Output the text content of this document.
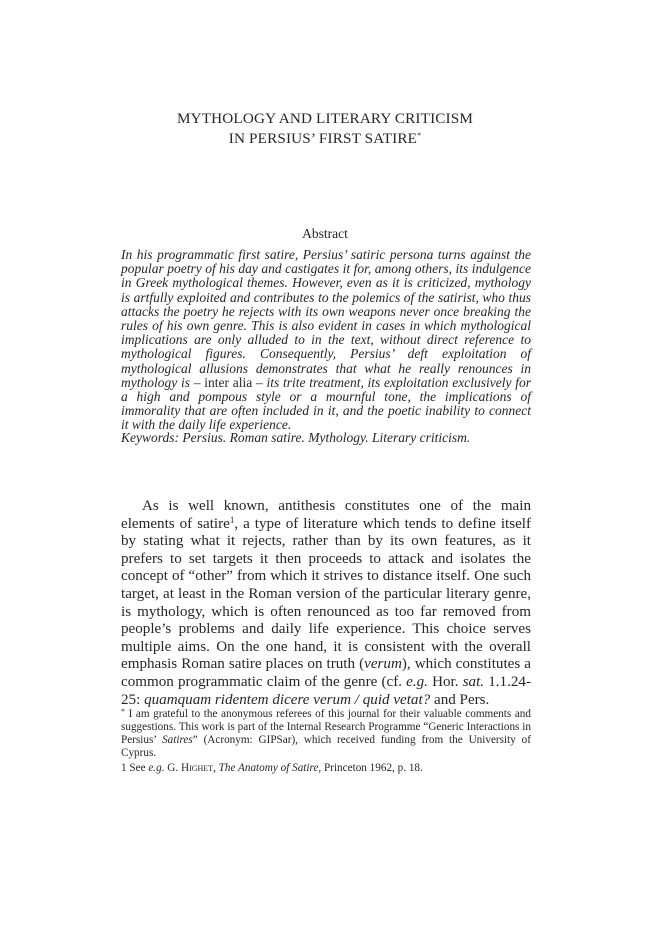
MYTHOLOGY AND LITERARY CRITICISM
IN PERSIUS’ FIRST SATIRE*
Abstract

In his programmatic first satire, Persius’ satiric persona turns against the popular poetry of his day and castigates it for, among others, its indulgence in Greek mythological themes. However, even as it is criticized, mythology is artfully exploited and contributes to the polemics of the satirist, who thus attacks the poetry he rejects with its own weapons never once breaking the rules of his own genre. This is also evident in cases in which mythological implications are only alluded to in the text, without direct reference to mythological figures. Consequently, Persius’ deft exploitation of mythological allusions demonstrates that what he really renounces in mythology is – inter alia – its trite treatment, its exploitation exclusively for a high and pompous style or a mournful tone, the implications of immorality that are often included in it, and the poetic inability to connect it with the daily life experience.

Keywords: Persius. Roman satire. Mythology. Literary criticism.

As is well known, antithesis constitutes one of the main elements of satire$^1$, a type of literature which tends to define itself by stating what it rejects, rather than by its own features, as it prefers to set targets it then proceeds to attack and isolates the concept of “other” from which it strives to distance itself. One such target, at least in the Roman version of the particular literary genre, is mythology, which is often renounced as too far removed from people’s problems and daily life experience. This choice serves multiple aims. On the one hand, it is consistent with the overall emphasis Roman satire places on truth (verum), which constitutes a common programmatic claim of the genre (cf. e.g. Hor. sat. 1.1.24-25: quamquam ridentem dicere verum / quid vetat? and Pers.

* I am grateful to the anonymous referees of this journal for their valuable comments and suggestions. This work is part of the Internal Research Programme “Generic Interactions in Persius’ Satires” (Acronym: GIPSar), which received funding from the University of Cyprus.

1 See e.g. G. Highet, The Anatomy of Satire, Princeton 1962, p. 18.
